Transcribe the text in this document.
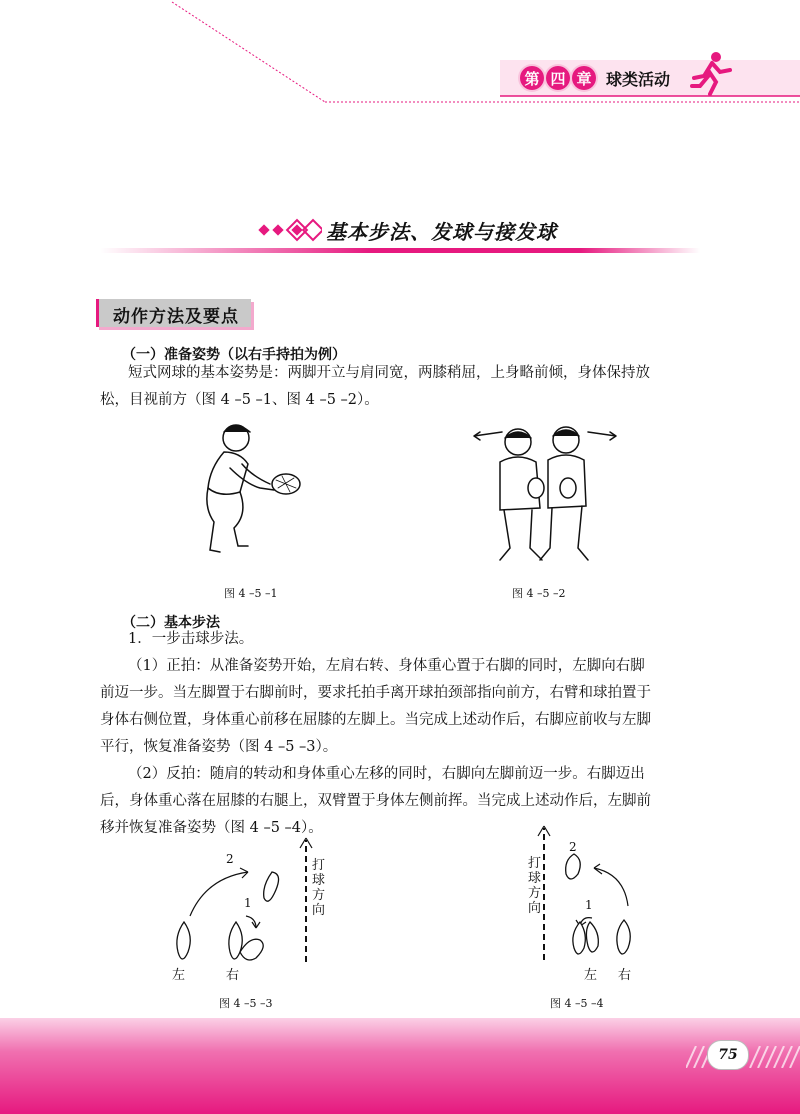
第 四 章 球类活动
基本步法、发球与接发球
动作方法及要点
（一）准备姿势（以右手持拍为例）
短式网球的基本姿势是：两脚开立与肩同宽，两膝稍屈，上身略前倾，身体保持放
松，目视前方（图 4 –5 –1、图 4 –5 –2）。
图 4 –5 –1	图 4 –5 –2
（二）基本步法
1．一步击球步法。
（1）正拍：从准备姿势开始，左肩右转、身体重心置于右脚的同时，左脚向右脚
前迈一步。当左脚置于右脚前时，要求托拍手离开球拍颈部指向前方，右臂和球拍置于
身体右侧位置，身体重心前移在屈膝的左脚上。当完成上述动作后，右脚应前收与左脚
平行，恢复准备姿势（图 4 –5 –3）。
（2）反拍：随肩的转动和身体重心左移的同时，右脚向左脚前迈一步。右脚迈出
后，身体重心落在屈膝的右腿上，双臂置于身体左侧前挥。当完成上述动作后，左脚前
移并恢复准备姿势（图 4 –5 –4）。
2
1
左	右
打球方向
图 4 –5 –3
2
1
左 右
打球方向
图 4 –5 –4
75
